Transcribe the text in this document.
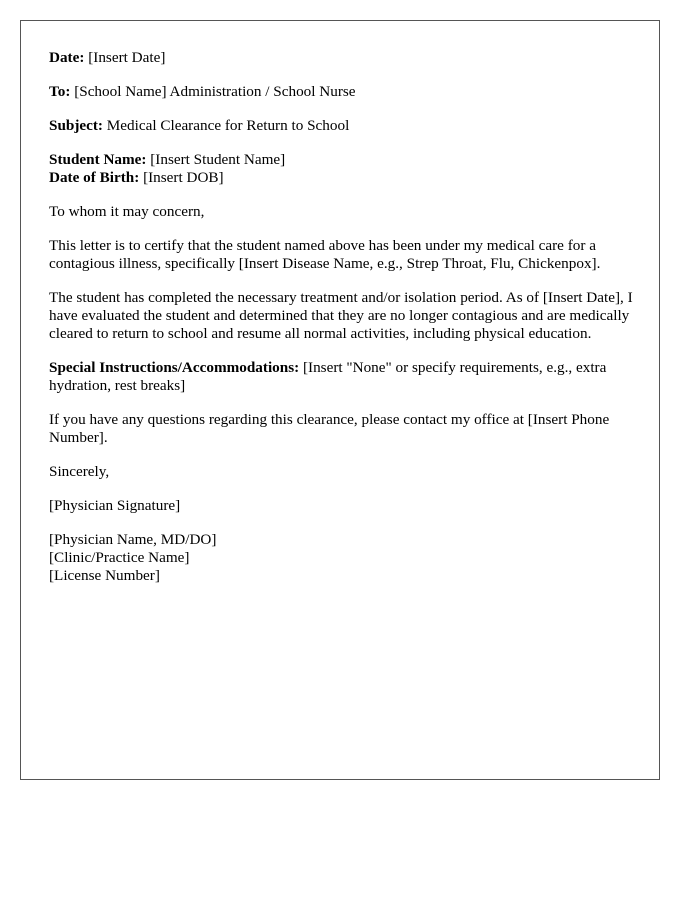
Date: [Insert Date]

To: [School Name] Administration / School Nurse

Subject: Medical Clearance for Return to School

Student Name: [Insert Student Name]
Date of Birth: [Insert DOB]

To whom it may concern,

This letter is to certify that the student named above has been under my medical care for a contagious illness, specifically [Insert Disease Name, e.g., Strep Throat, Flu, Chickenpox].

The student has completed the necessary treatment and/or isolation period. As of [Insert Date], I have evaluated the student and determined that they are no longer contagious and are medically cleared to return to school and resume all normal activities, including physical education.

Special Instructions/Accommodations: [Insert "None" or specify requirements, e.g., extra hydration, rest breaks]

If you have any questions regarding this clearance, please contact my office at [Insert Phone Number].

Sincerely,

[Physician Signature]

[Physician Name, MD/DO]
[Clinic/Practice Name]
[License Number]
